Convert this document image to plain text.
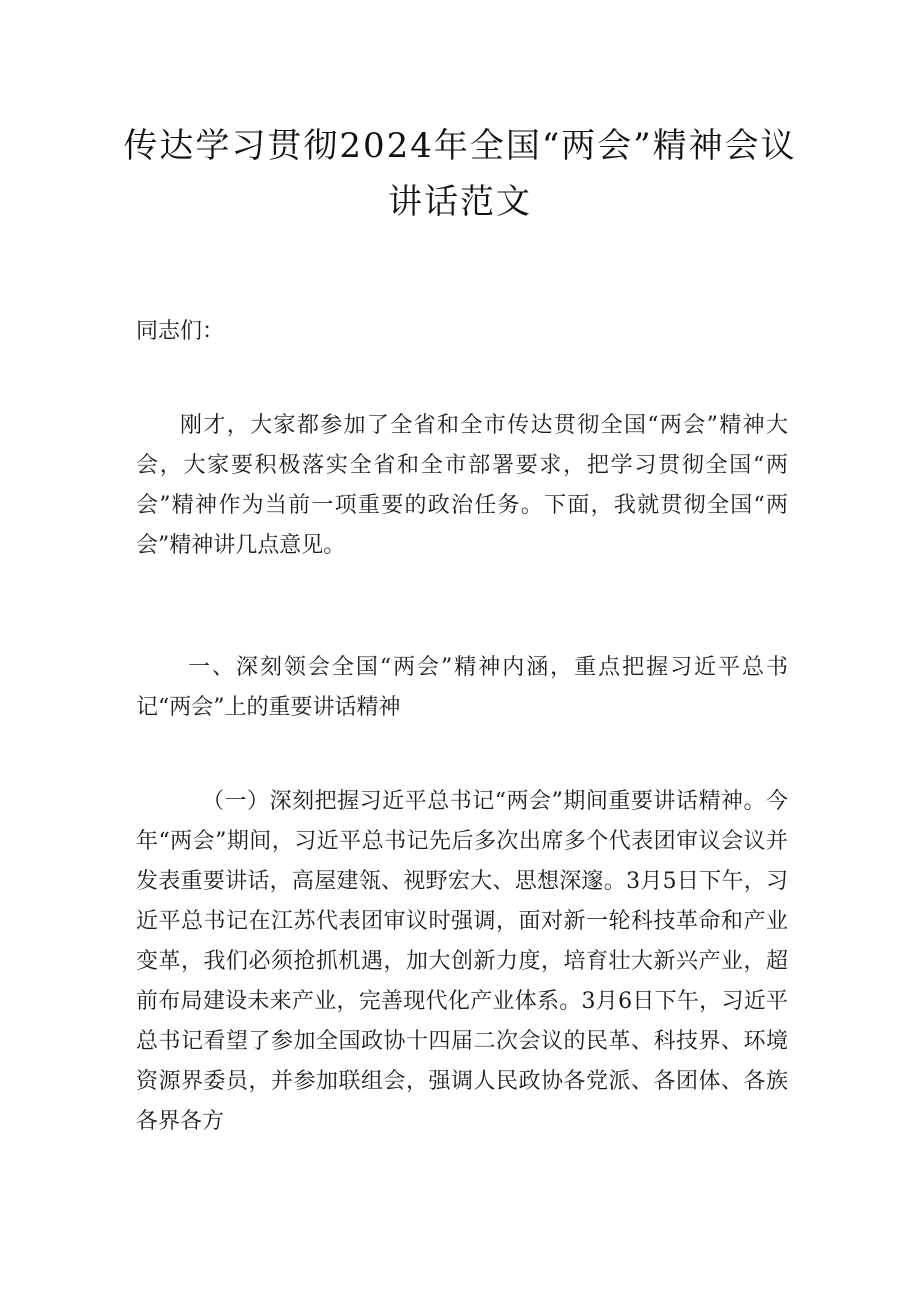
传达学习贯彻2024年全国“两会”精神会议讲话范文

同志们：

刚才，大家都参加了全省和全市传达贯彻全国“两会”精神大会，大家要积极落实全省和全市部署要求，把学习贯彻全国“两会”精神作为当前一项重要的政治任务。下面，我就贯彻全国“两会”精神讲几点意见。

一、深刻领会全国“两会”精神内涵，重点把握习近平总书记“两会”上的重要讲话精神

（一）深刻把握习近平总书记“两会”期间重要讲话精神。今年“两会”期间，习近平总书记先后多次出席多个代表团审议会议并发表重要讲话，高屋建瓴、视野宏大、思想深邃。3月5日下午，习近平总书记在江苏代表团审议时强调，面对新一轮科技革命和产业变革，我们必须抢抓机遇，加大创新力度，培育壮大新兴产业，超前布局建设未来产业，完善现代化产业体系。3月6日下午，习近平总书记看望了参加全国政协十四届二次会议的民革、科技界、环境资源界委员，并参加联组会，强调人民政协各党派、各团体、各族各界各方
